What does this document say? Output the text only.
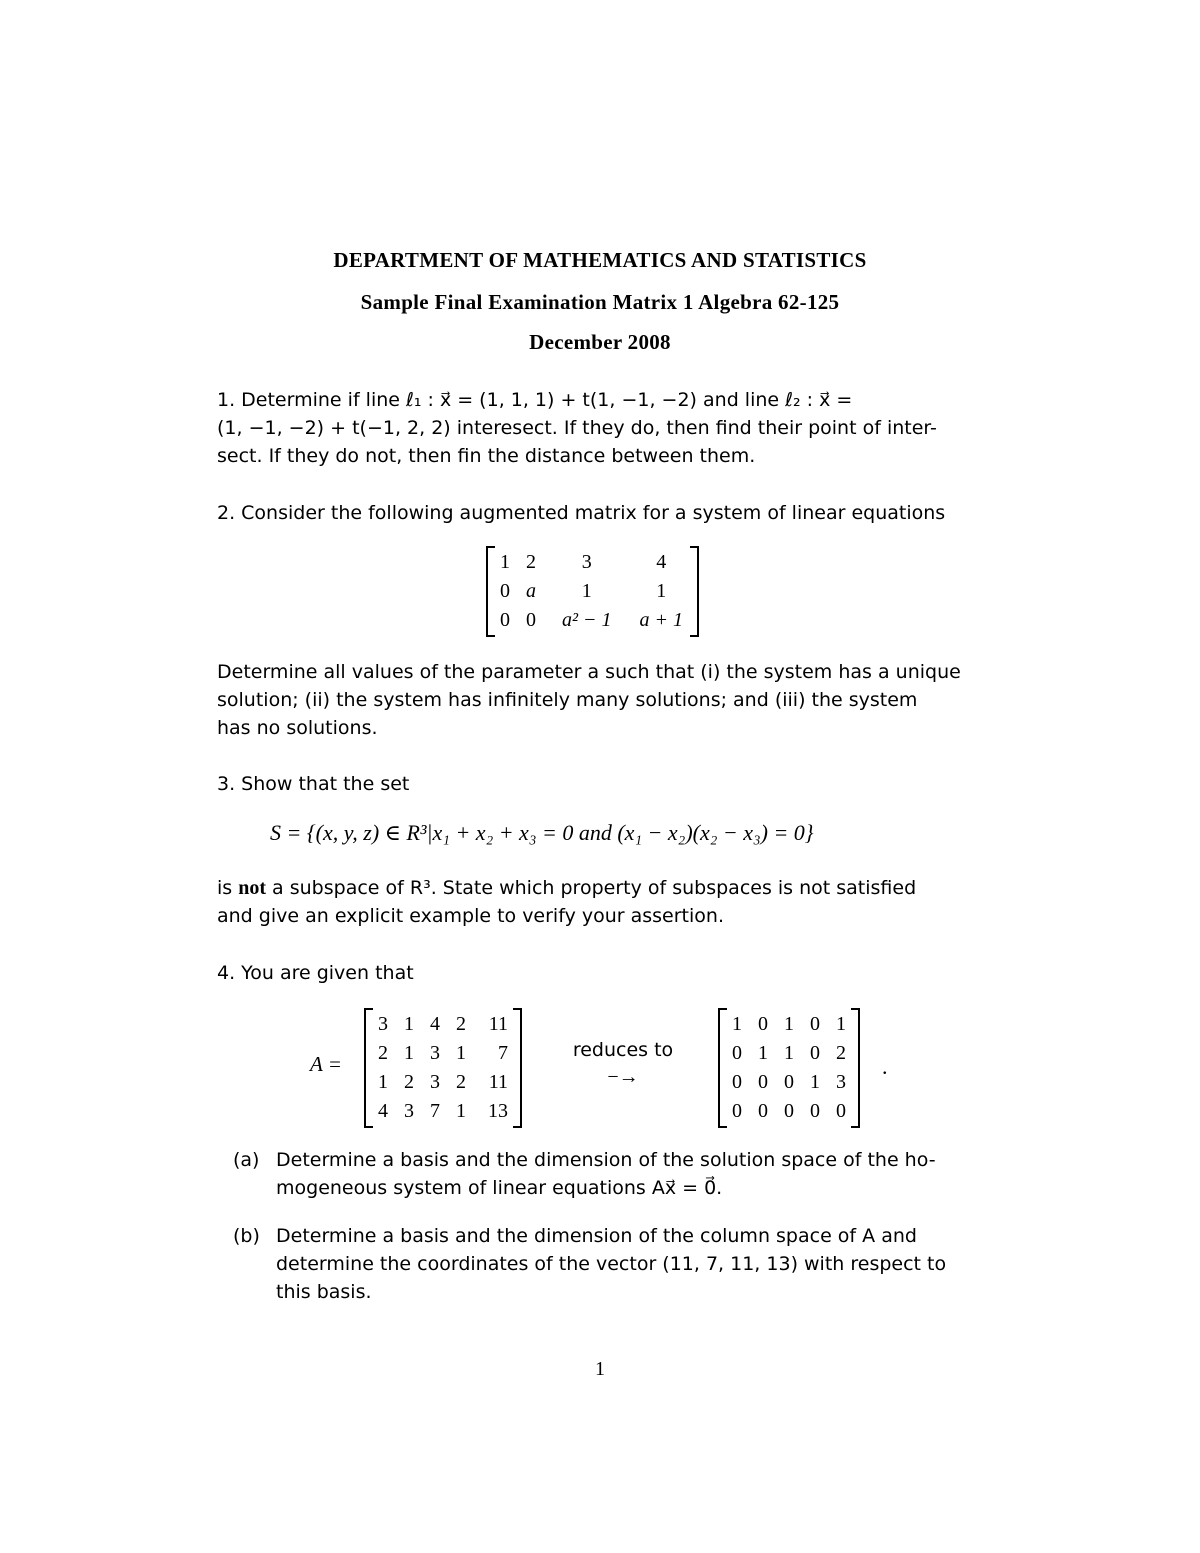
DEPARTMENT OF MATHEMATICS AND STATISTICS
Sample Final Examination Matrix 1 Algebra 62-125
December 2008
1. Determine if line ℓ₁ : x⃗ = (1, 1, 1) + t(1, −1, −2) and line ℓ₂ : x⃗ =
(1, −1, −2) + t(−1, 2, 2) interesect. If they do, then find their point of inter-
sect. If they do not, then fin the distance between them.
2. Consider the following augmented matrix for a system of linear equations
1	2	3	4
0	a	1	1
0	0	a² − 1	a + 1
Determine all values of the parameter a such that (i) the system has a unique
solution; (ii) the system has infinitely many solutions; and (iii) the system
has no solutions.
3. Show that the set
S = {(x, y, z) ∈ R³|x₁ + x₂ + x₃ = 0 and (x₁ − x₂)(x₂ − x₃) = 0}
is not a subspace of R³. State which property of subspaces is not satisfied
and give an explicit example to verify your assertion.
4. You are given that
A =
3	1	4	2	11
2	1	3	1	7
1	2	3	2	11
4	3	7	1	13
reduces to
−→
1	0	1	0	1
0	1	1	0	2
0	0	0	1	3
0	0	0	0	0
.
(a) Determine a basis and the dimension of the solution space of the ho-
mogeneous system of linear equations Ax⃗ = 0⃗.
(b) Determine a basis and the dimension of the column space of A and
determine the coordinates of the vector (11, 7, 11, 13) with respect to
this basis.
1
